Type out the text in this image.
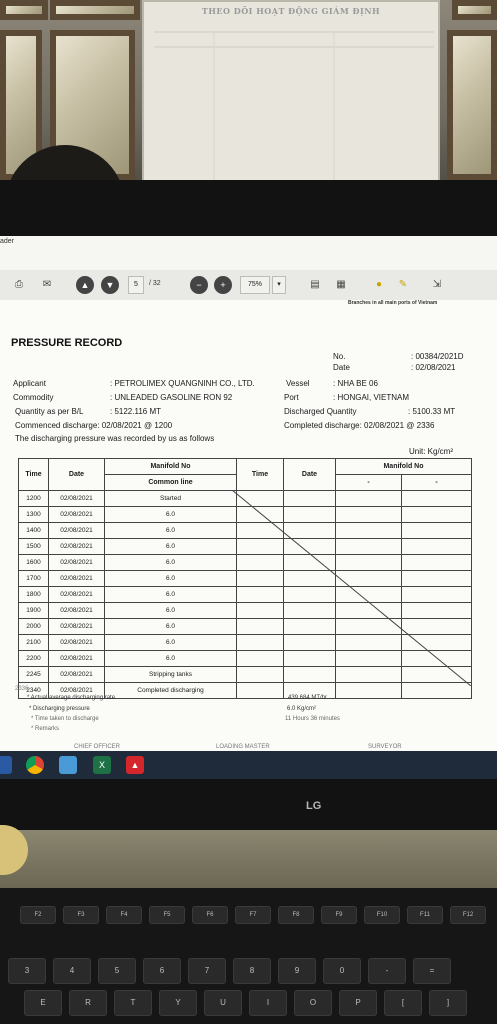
THEO DÕI HOẠT ĐỘNG GIÁM ĐỊNH
ader
⎙	✉	▲	▼	5	/ 32	−	+	75%	▾	▤	▦	●	✎	⇲
Branches in all main ports of Vietnam
PRESSURE RECORD
No.	: 00384/2021D
Date	: 02/08/2021
Applicant	: PETROLIMEX QUANGNINH CO., LTD.	Vessel	: NHA BE 06
Commodity	: UNLEADED GASOLINE RON 92	Port	: HONGAI, VIETNAM
Quantity as per B/L	: 5122.116 MT	Discharged Quantity	: 5100.33 MT
Commenced discharge: 02/08/2021 @ 1200	Completed discharge: 02/08/2021 @ 2336
The discharging pressure was recorded by us as follows
Unit: Kg/cm²
Time	Date	Manifold No	Time	Date	Manifold No	
		Common line			-	-
1200	02/08/2021	Started				
1300	02/08/2021	6.0				
1400	02/08/2021	6.0				
1500	02/08/2021	6.0				
1600	02/08/2021	6.0				
1700	02/08/2021	6.0				
1800	02/08/2021	6.0				
1900	02/08/2021	6.0				
2000	02/08/2021	6.0				
2100	02/08/2021	6.0				
2200	02/08/2021	6.0				
2245	02/08/2021	Stripping tanks				
2340	02/08/2021	Completed discharging				
2336
* Actual average discharging rate	439.684 MT/hr
* Discharging pressure	6.0 Kg/cm²
* Time taken to discharge	11 Hours 36 minutes
* Remarks
CHIEF OFFICER	LOADING MASTER	SURVEYOR
X	▲
LG
F2	F3	F4	F5	F6	F7	F8	F9	F10	F11	F12
3	4	5	6	7	8	9	0	-	=
E	R	T	Y	U	I	O	P	[	]
